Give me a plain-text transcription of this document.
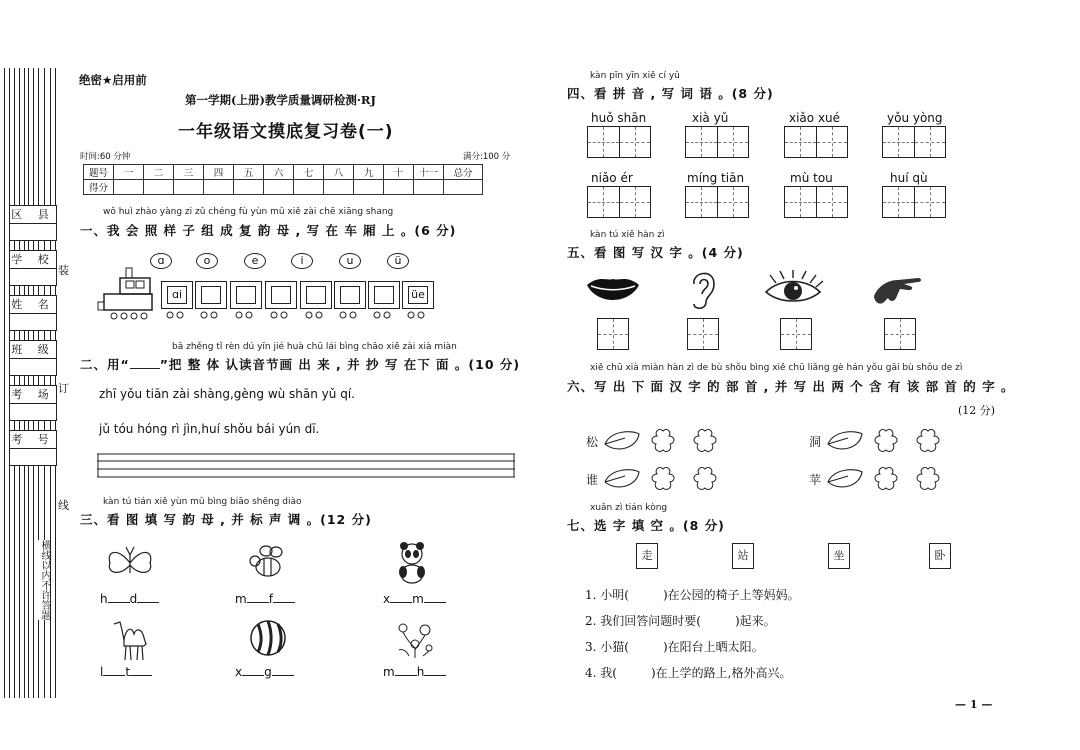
区 县
学 校
姓 名
班 级
考 场
考 号
装
订
线
横线以内不许答题
绝密★启用前
第一学期(上册)教学质量调研检测·RJ
一年级语文摸底复习卷(一)
时间:60 分钟	满分:100 分
题号	一	二	三	四	五	六	七	八	九	十	十一	总分
得分												
wǒ huì zhào yàng zi zǔ chéng fù yùn mǔ xiě zài chē xiāng shang
一、我 会 照 样 子 组 成 复 韵 母 , 写 在 车 厢 上 。(6 分)
ɑ	o	e	i	u	ü
ɑi	üe
bǎ zhěng tǐ rèn dú yīn jié huà chū lái bìng chāo xiě zài xià miàn
二、用“ ”把 整 体 认读音节画 出 来 , 并 抄 写 在下 面 。(10 分)
zhī yǒu tiān zài shàng,gèng wù shān yǔ qí.
jǔ tóu hóng rì jìn,huí shǒu bái yún dī.
kàn tú tián xiě yùn mǔ bìng biāo shēng diào
三、看 图 填 写 韵 母 , 并 标 声 调 。(12 分)
h d	m f	x m
l t	x g	m h
kàn pīn yīn xiě cí yǔ
四、看 拼 音 , 写 词 语 。(8 分)
huǒ shān	xià yǔ	xiǎo xué	yǒu yòng
niǎo ér	míng tiān	mù tou	huí qù
kàn tú xiě hàn zì
五、看 图 写 汉 字 。(4 分)
xiě chū xià miàn hàn zì de bù shǒu bìng xiě chū liǎng gè hán yǒu gāi bù shǒu de zì
六、写 出 下 面 汉 字 的 部 首 , 并 写 出 两 个 含 有 该 部 首 的 字 。
(12 分)
松	洞
谁	苹
xuǎn zì tián kòng
七、选 字 填 空 。(8 分)
走	站	坐	卧
1. 小明(	)在公园的椅子上等妈妈。
2. 我们回答问题时要(	)起来。
3. 小猫(	)在阳台上晒太阳。
4. 我(	)在上学的路上,格外高兴。
— 1 —
